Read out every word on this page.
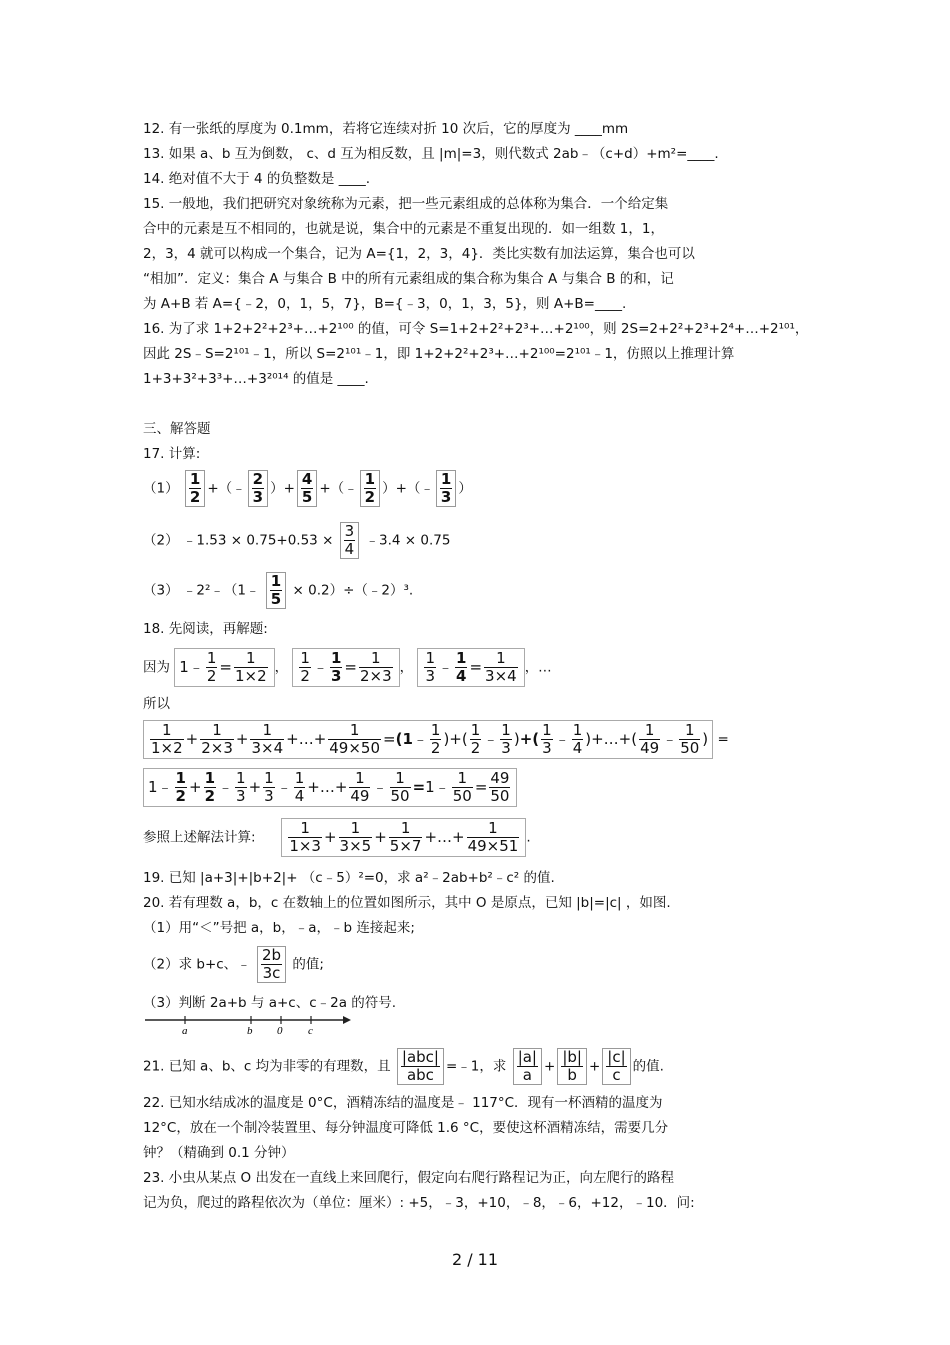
12. 有一张纸的厚度为 0.1mm，若将它连续对折 10 次后，它的厚度为 ____mm
13. 如果 a、b 互为倒数， c、d 互为相反数，且 |m|=3，则代数式 2ab﹣（c+d）+m²=____.
14. 绝对值不大于 4 的负整数是 ____.
15. 一般地，我们把研究对象统称为元素，把一些元素组成的总体称为集合．一个给定集
合中的元素是互不相同的，也就是说，集合中的元素是不重复出现的．如一组数 1，1，
2，3，4 就可以构成一个集合，记为 A={1，2，3，4}．类比实数有加法运算，集合也可以
“相加”．定义：集合 A 与集合 B 中的所有元素组成的集合称为集合 A 与集合 B 的和，记
为 A+B 若 A={﹣2，0，1，5，7}，B={﹣3，0，1，3，5}，则 A+B=____.
16. 为了求 1+2+2²+2³+…+2¹⁰⁰ 的值，可令 S=1+2+2²+2³+…+2¹⁰⁰，则 2S=2+2²+2³+2⁴+…+2¹⁰¹，
因此 2S﹣S=2¹⁰¹﹣1，所以 S=2¹⁰¹﹣1，即 1+2+2²+2³+…+2¹⁰⁰=2¹⁰¹﹣1，仿照以上推理计算
1+3+3²+3³+…+3²⁰¹⁴ 的值是 ____.
三、解答题
17. 计算:
$(1) \frac{1}{2}$ +（﹣ $\frac{2}{3}$ ）+ $\frac{4}{5}$ +（﹣ $\frac{1}{2}$ ）+（﹣ $\frac{1}{3}$ ）
（2） ﹣1.53 × $0.75+0.53 \times \frac{3}{4}$ ﹣3.4 × 0.75
（3） ﹣2²﹣（1﹣ $\frac{1}{5}$ × 0.2）÷（﹣2）³.
18. 先阅读，再解题:
因为 1﹣ $\frac{1}{2} = \frac{1}{1\times 2}$ ， $\frac{1}{2}$ ﹣ $\frac{1}{3} = \frac{1}{2\times 3}$ ， $\frac{1}{3}$ ﹣ $\frac{1}{4} = \frac{1}{3\times 4}$ ，…
所以
$\frac{1}{1\times 2} + \frac{1}{2\times 3} + \frac{1}{3\times 4}$ +…+ $\frac{1}{49\times 50}$ =(1﹣ $\frac{1}{2}$ )+( $\frac{1}{2}$ ﹣ $\frac{1}{3}$ )+( $\frac{1}{3}$ ﹣ $\frac{1}{4}$ )+…+( $\frac{1}{49}$ ﹣ $\frac{1}{50}$ ) =
1﹣ $\frac{1}{2} + \frac{1}{2}$ ﹣ $\frac{1}{3} + \frac{1}{3}$ ﹣ $\frac{1}{4}$ +…+ $\frac{1}{49}$ ﹣ $\frac{1}{50}$ =1﹣ $\frac{1}{50} = \frac{49}{50}$
参照上述解法计算: $\frac{1}{1\times 3} + \frac{1}{3\times 5} + \frac{1}{5\times 7}$ +…+ $\frac{1}{49\times 51}$ .
19. 已知 |a+3|+|b+2|+ （c﹣5）²=0，求 a²﹣2ab+b²﹣c² 的值.
20. 若有理数 a，b，c 在数轴上的位置如图所示，其中 O 是原点，已知 |b|=|c| ，如图.
（1）用“＜”号把 a，b，﹣a，﹣b 连接起来;
（2）求 b+c、﹣ $\frac{2b}{3c}$ 的值;
（3）判断 2a+b 与 a+c、c﹣2a 的符号.
a	b 0 c
21. 已知 a、b、c 均为非零的有理数，且 $\frac{\text{|abc|}}{\text{abc}}$ =﹣1，求 $\frac{|a|}{a} + \frac{|b|}{b} + \frac{|c|}{c}$ 的值.
22. 已知水结成冰的温度是 0°C，酒精冻结的温度是﹣ 117°C．现有一杯酒精的温度为
12°C，放在一个制冷装置里、每分钟温度可降低 1.6 °C，要使这杯酒精冻结，需要几分
钟？（精确到 0.1 分钟）
23. 小虫从某点 O 出发在一直线上来回爬行，假定向右爬行路程记为正，向左爬行的路程
记为负，爬过的路程依次为（单位：厘米）: +5，﹣3，+10，﹣8，﹣6，+12，﹣10．问:
2 / 11
